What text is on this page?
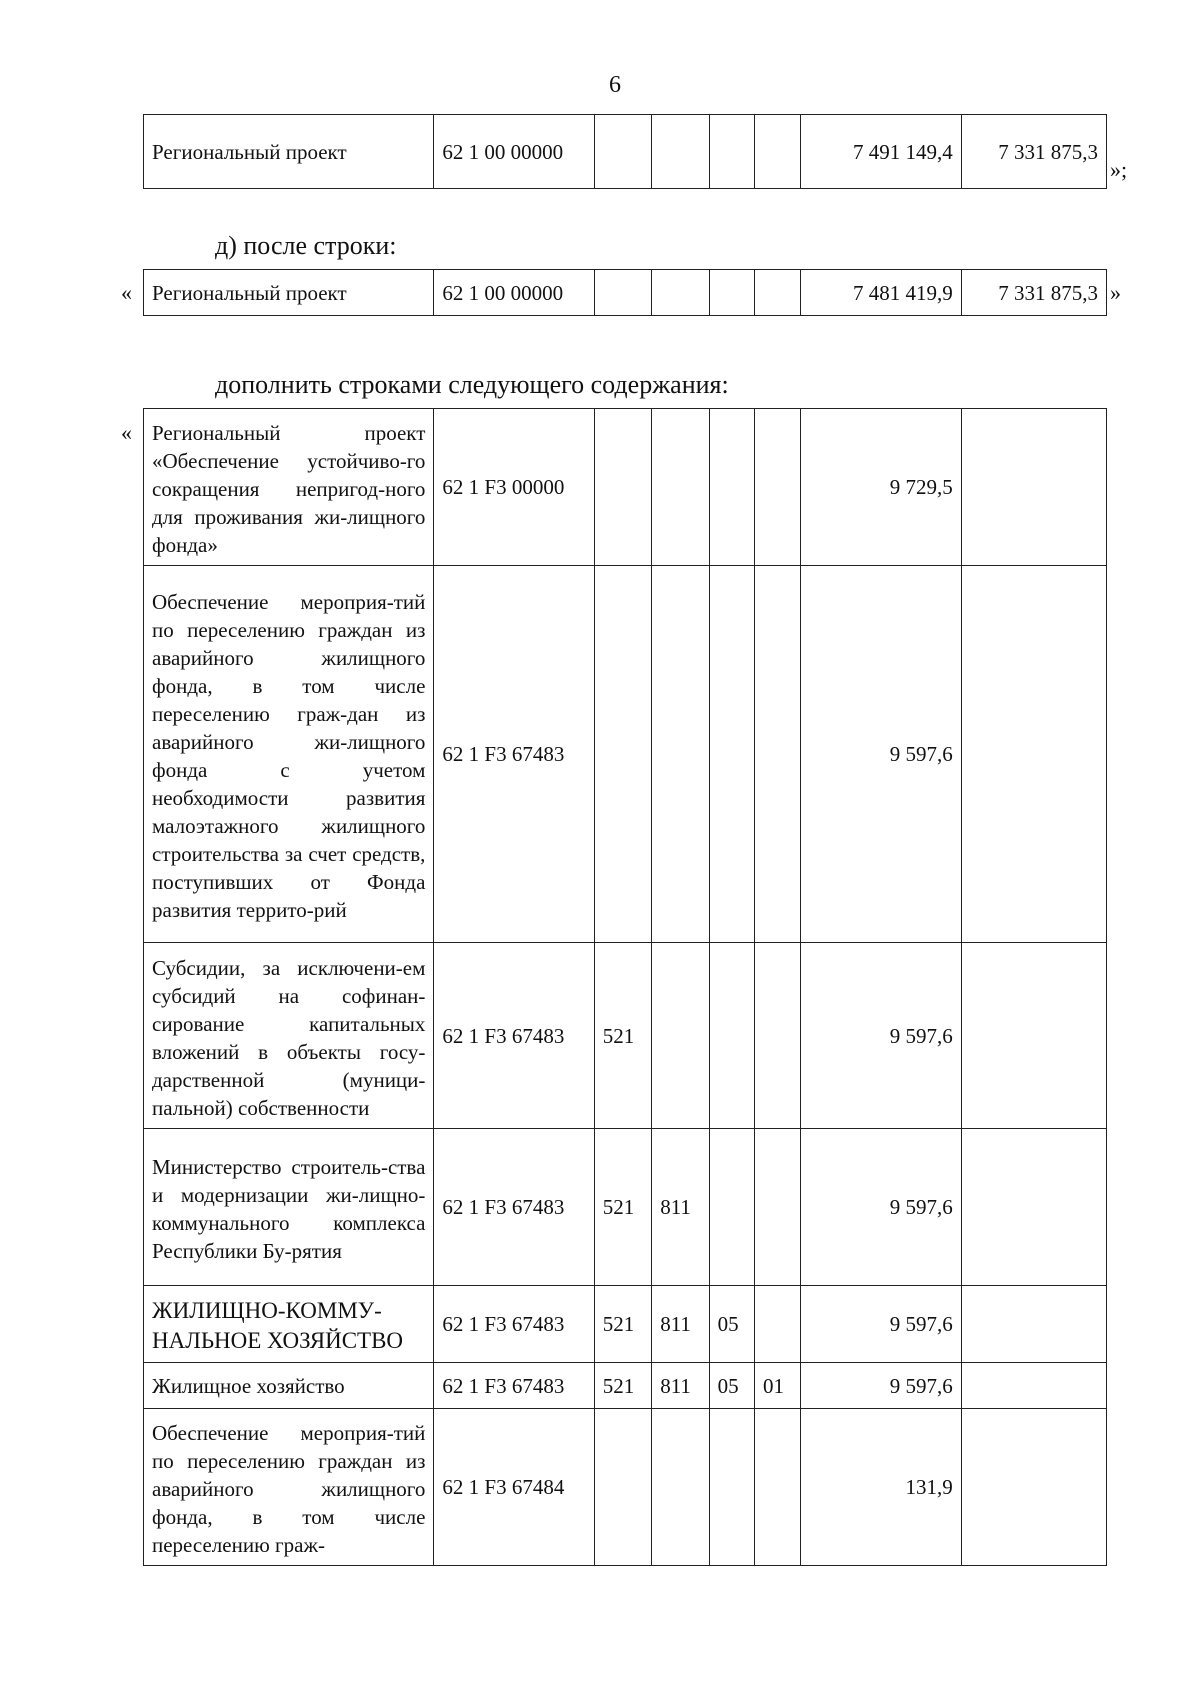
6
Региональный проект	62 1 00 00000					7 491 149,4	7 331 875,3
»;
д) после строки:
« Региональный проект	62 1 00 00000					7 481 419,9	7 331 875,3 »
дополнить строками следующего содержания:
« Региональный проект «Обеспечение устойчиво-го сокращения непригод-ного для проживания жи-лищного фонда»	62 1 F3 00000					9 729,5	
Обеспечение мероприя-тий по переселению граждан из аварийного жилищного фонда, в том числе переселению граж-дан из аварийного жи-лищного фонда с учетом необходимости развития малоэтажного жилищного строительства за счет средств, поступивших от Фонда развития террито-рий	62 1 F3 67483					9 597,6	
Субсидии, за исключени-ем субсидий на софинан-сирование капитальных вложений в объекты госу-дарственной (муници-пальной) собственности	62 1 F3 67483	521				9 597,6	
Министерство строитель-ства и модернизации жи-лищно-коммунального комплекса Республики Бу-рятия	62 1 F3 67483	521	811			9 597,6	
ЖИЛИЩНО-КОММУ-НАЛЬНОЕ ХОЗЯЙСТВО	62 1 F3 67483	521	811	05		9 597,6	
Жилищное хозяйство	62 1 F3 67483	521	811	05	01	9 597,6	
Обеспечение мероприя-тий по переселению граждан из аварийного жилищного фонда, в том числе переселению граж-	62 1 F3 67484					131,9	
